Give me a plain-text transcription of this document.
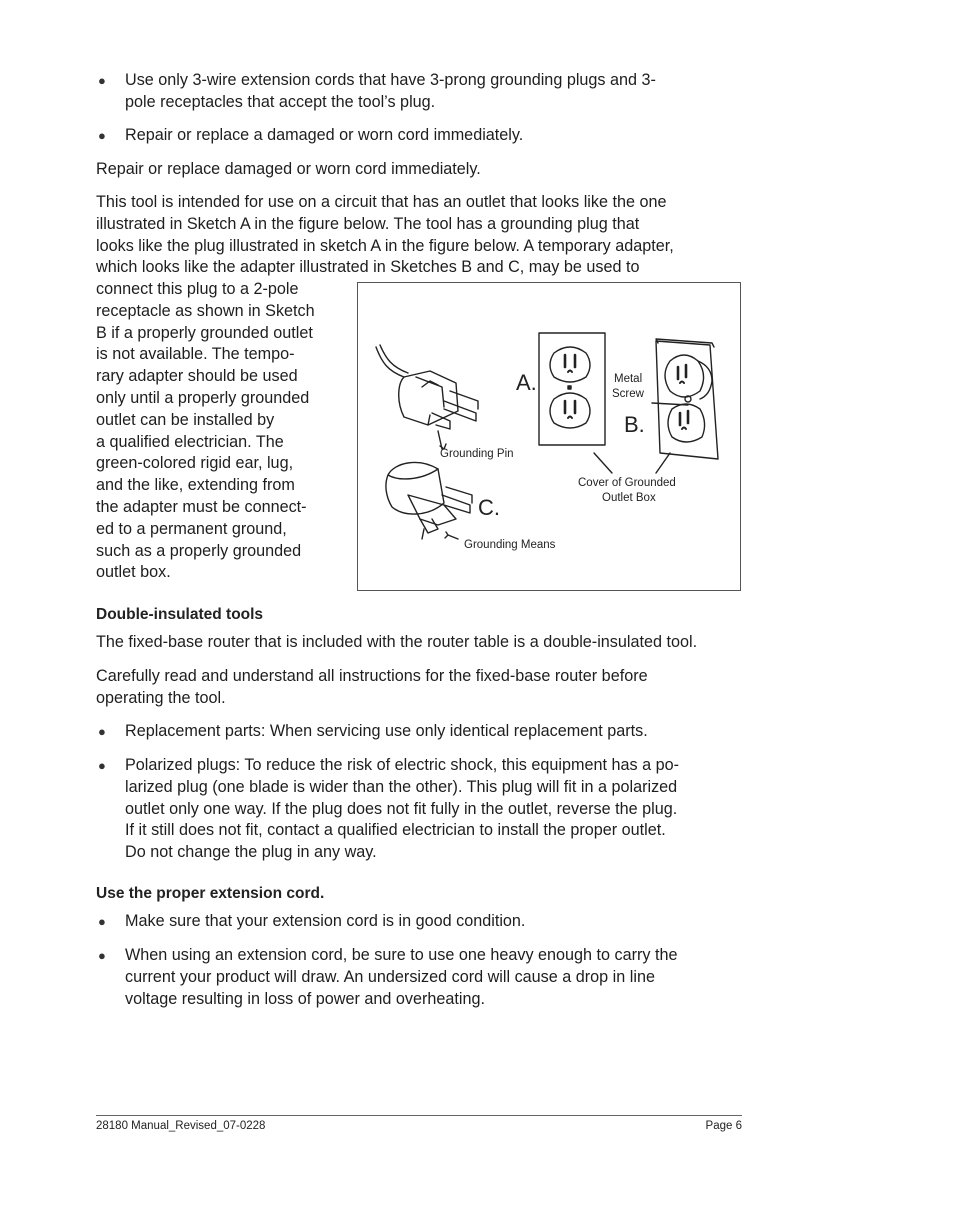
● Use only 3-wire extension cords that have 3-prong grounding plugs and 3-
pole receptacles that accept the tool’s plug.
● Repair or replace a damaged or worn cord immediately.

Repair or replace damaged or worn cord immediately.

This tool is intended for use on a circuit that has an outlet that looks like the one
illustrated in Sketch A in the figure below. The tool has a grounding plug that
looks like the plug illustrated in sketch A in the figure below. A temporary adapter,
which looks like the adapter illustrated in Sketches B and C, may be used to
connect this plug to a 2-pole
receptacle as shown in Sketch
B if a properly grounded outlet
is not available. The tempo-
rary adapter should be used
only until a properly grounded
outlet can be installed by
a qualified electrician. The
green-colored rigid ear, lug,
and the like, extending from
the adapter must be connect-
ed to a permanent ground,
such as a properly grounded
outlet box.
A.
B.
C.
Grounding Pin
Metal
Screw
Cover of Grounded
Outlet Box
Grounding Means
Double-insulated tools

The fixed-base router that is included with the router table is a double-insulated tool.

Carefully read and understand all instructions for the fixed-base router before
operating the tool.
● Replacement parts: When servicing use only identical replacement parts.
● Polarized plugs: To reduce the risk of electric shock, this equipment has a po-
larized plug (one blade is wider than the other). This plug will fit in a polarized
outlet only one way. If the plug does not fit fully in the outlet, reverse the plug.
If it still does not fit, contact a qualified electrician to install the proper outlet.
Do not change the plug in any way.
Use the proper extension cord.
● Make sure that your extension cord is in good condition.
● When using an extension cord, be sure to use one heavy enough to carry the
current your product will draw. An undersized cord will cause a drop in line
voltage resulting in loss of power and overheating.
28180 Manual_Revised_07-0228	Page 6
